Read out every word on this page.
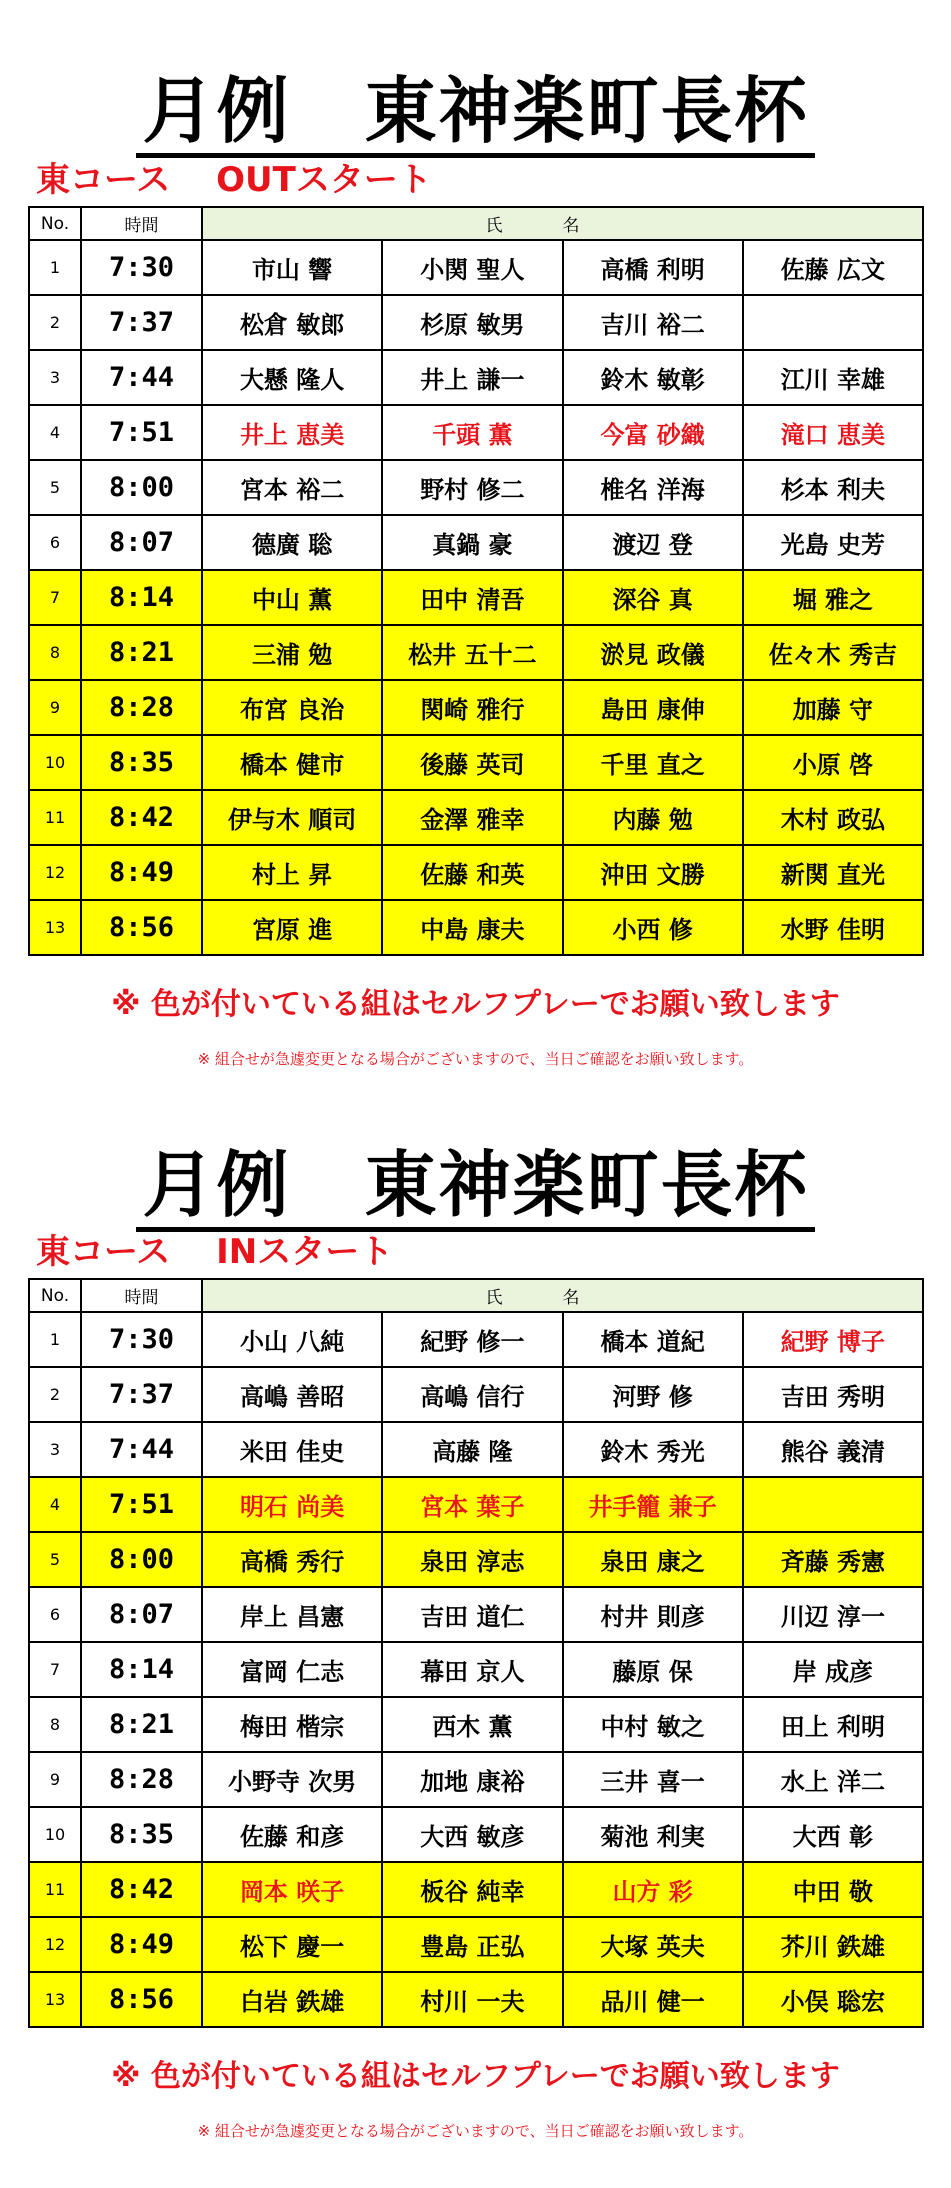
月例　東神楽町長杯
東コース　 OUTスタート
No.	時間	氏名			
1	7:30	市山 響	小関 聖人	高橋 利明	佐藤 広文
2	7:37	松倉 敏郎	杉原 敏男	吉川 裕二	
3	7:44	大懸 隆人	井上 謙一	鈴木 敏彰	江川 幸雄
4	7:51	井上 恵美	千頭 薫	今富 砂織	滝口 恵美
5	8:00	宮本 裕二	野村 修二	椎名 洋海	杉本 利夫
6	8:07	德廣 聡	真鍋 豪	渡辺 登	光島 史芳
7	8:14	中山 薫	田中 清吾	深谷 真	堀 雅之
8	8:21	三浦 勉	松井 五十二	淤見 政儀	佐々木 秀吉
9	8:28	布宮 良治	関崎 雅行	島田 康伸	加藤 守
10	8:35	橋本 健市	後藤 英司	千里 直之	小原 啓
11	8:42	伊与木 順司	金澤 雅幸	内藤 勉	木村 政弘
12	8:49	村上 昇	佐藤 和英	沖田 文勝	新関 直光
13	8:56	宮原 進	中島 康夫	小西 修	水野 佳明
※ 色が付いている組はセルフプレーでお願い致します
※ 組合せが急遽変更となる場合がございますので、当日ご確認をお願い致します。
月例　東神楽町長杯
東コース　 INスタート
No.	時間	氏名			
1	7:30	小山 八純	紀野 修一	橋本 道紀	紀野 博子
2	7:37	高嶋 善昭	高嶋 信行	河野 修	吉田 秀明
3	7:44	米田 佳史	高藤 隆	鈴木 秀光	熊谷 義清
4	7:51	明石 尚美	宮本 葉子	井手籠 兼子	
5	8:00	高橋 秀行	泉田 淳志	泉田 康之	斉藤 秀憲
6	8:07	岸上 昌憲	吉田 道仁	村井 則彦	川辺 淳一
7	8:14	富岡 仁志	幕田 京人	藤原 保	岸 成彦
8	8:21	梅田 楷宗	西木 薫	中村 敏之	田上 利明
9	8:28	小野寺 次男	加地 康裕	三井 喜一	水上 洋二
10	8:35	佐藤 和彦	大西 敏彦	菊池 利実	大西 彰
11	8:42	岡本 咲子	板谷 純幸	山方 彩	中田 敬
12	8:49	松下 慶一	豊島 正弘	大塚 英夫	芥川 鉄雄
13	8:56	白岩 鉄雄	村川 一夫	品川 健一	小俣 聡宏
※ 色が付いている組はセルフプレーでお願い致します
※ 組合せが急遽変更となる場合がございますので、当日ご確認をお願い致します。
